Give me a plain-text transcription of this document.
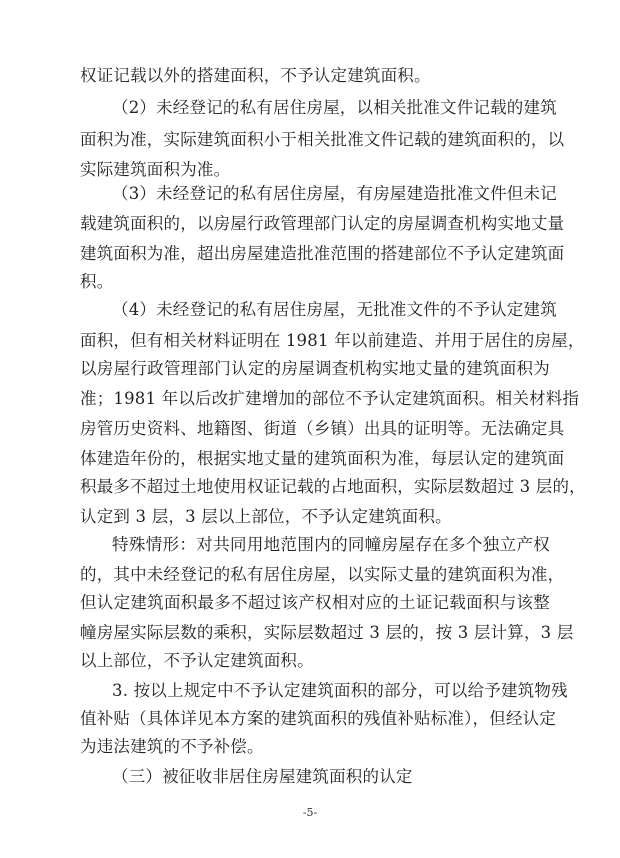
权证记载以外的搭建面积，不予认定建筑面积。
（2）未经登记的私有居住房屋，以相关批准文件记载的建筑
面积为准，实际建筑面积小于相关批准文件记载的建筑面积的，以
实际建筑面积为准。
（3）未经登记的私有居住房屋，有房屋建造批准文件但未记
载建筑面积的，以房屋行政管理部门认定的房屋调查机构实地丈量
建筑面积为准，超出房屋建造批准范围的搭建部位不予认定建筑面
积。
（4）未经登记的私有居住房屋，无批准文件的不予认定建筑
面积，但有相关材料证明在 1981 年以前建造、并用于居住的房屋，
以房屋行政管理部门认定的房屋调查机构实地丈量的建筑面积为
准；1981 年以后改扩建增加的部位不予认定建筑面积。相关材料指
房管历史资料、地籍图、街道（乡镇）出具的证明等。无法确定具
体建造年份的，根据实地丈量的建筑面积为准，每层认定的建筑面
积最多不超过土地使用权证记载的占地面积，实际层数超过 3 层的，
认定到 3 层，3 层以上部位，不予认定建筑面积。
特殊情形：对共同用地范围内的同幢房屋存在多个独立产权
的，其中未经登记的私有居住房屋，以实际丈量的建筑面积为准，
但认定建筑面积最多不超过该产权相对应的土证记载面积与该整
幢房屋实际层数的乘积，实际层数超过 3 层的，按 3 层计算，3 层
以上部位，不予认定建筑面积。
3. 按以上规定中不予认定建筑面积的部分，可以给予建筑物残
值补贴（具体详见本方案的建筑面积的残值补贴标准），但经认定
为违法建筑的不予补偿。
（三）被征收非居住房屋建筑面积的认定
-5-
